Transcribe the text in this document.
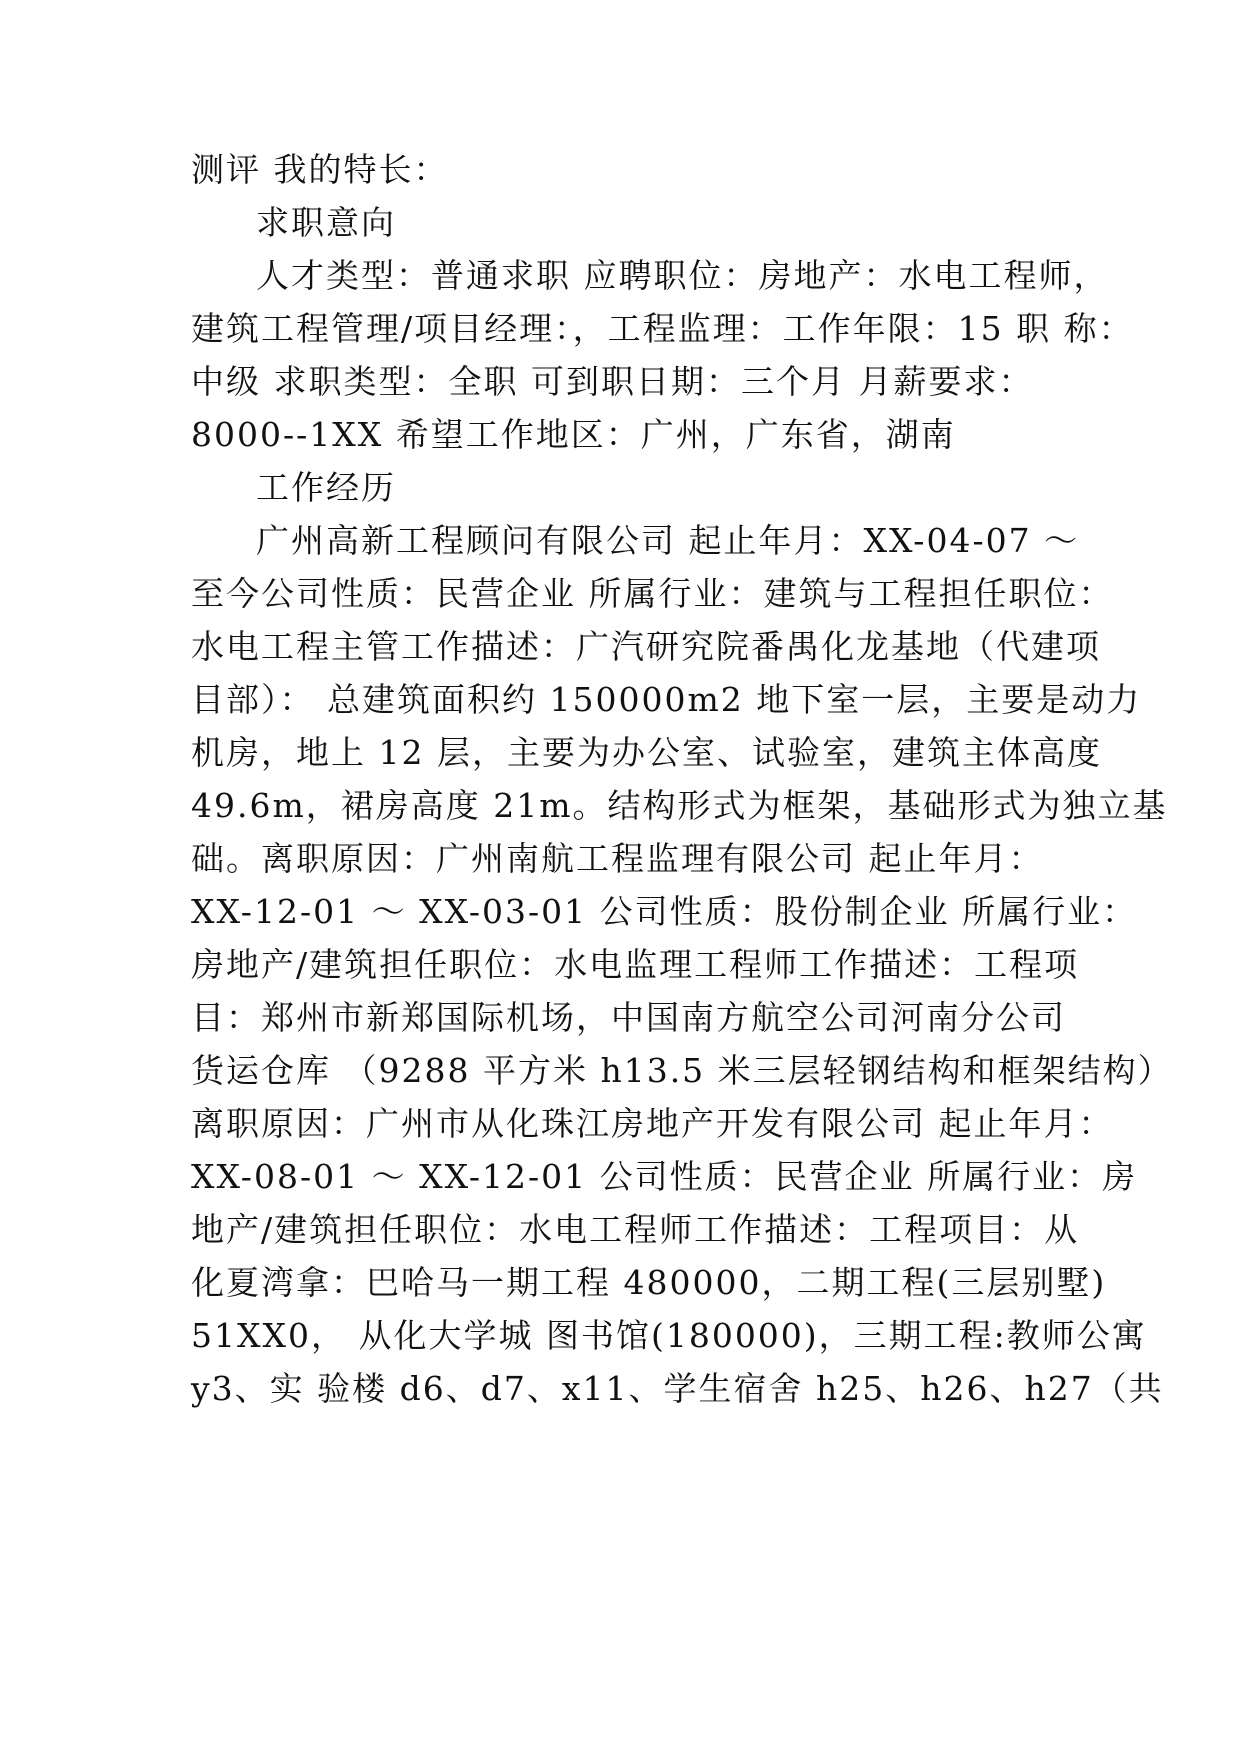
测评 我的特长：
求职意向
人才类型：普通求职 应聘职位：房地产：水电工程师，
建筑工程管理/项目经理：，工程监理：工作年限：15 职 称：
中级 求职类型：全职 可到职日期：三个月 月薪要求：
8000--1XX 希望工作地区：广州，广东省，湖南
工作经历
广州高新工程顾问有限公司 起止年月：XX-04-07 ～
至今公司性质：民营企业 所属行业：建筑与工程担任职位：
水电工程主管工作描述：广汽研究院番禺化龙基地（代建项
目部）： 总建筑面积约 150000m2 地下室一层，主要是动力
机房，地上 12 层，主要为办公室、试验室，建筑主体高度
49.6m，裙房高度 21m。结构形式为框架，基础形式为独立基
础。离职原因：广州南航工程监理有限公司 起止年月：
XX-12-01 ～ XX-03-01 公司性质：股份制企业 所属行业：
房地产/建筑担任职位：水电监理工程师工作描述：工程项
目：郑州市新郑国际机场，中国南方航空公司河南分公司
货运仓库 （9288 平方米 h13.5 米三层轻钢结构和框架结构）
离职原因：广州市从化珠江房地产开发有限公司 起止年月：
XX-08-01 ～ XX-12-01 公司性质：民营企业 所属行业：房
地产/建筑担任职位：水电工程师工作描述：工程项目：从
化夏湾拿：巴哈马一期工程 480000，二期工程(三层别墅)
51XX0， 从化大学城 图书馆(180000)，三期工程:教师公寓
y3、实 验楼 d6、d7、x11、学生宿舍 h25、h26、h27（共
